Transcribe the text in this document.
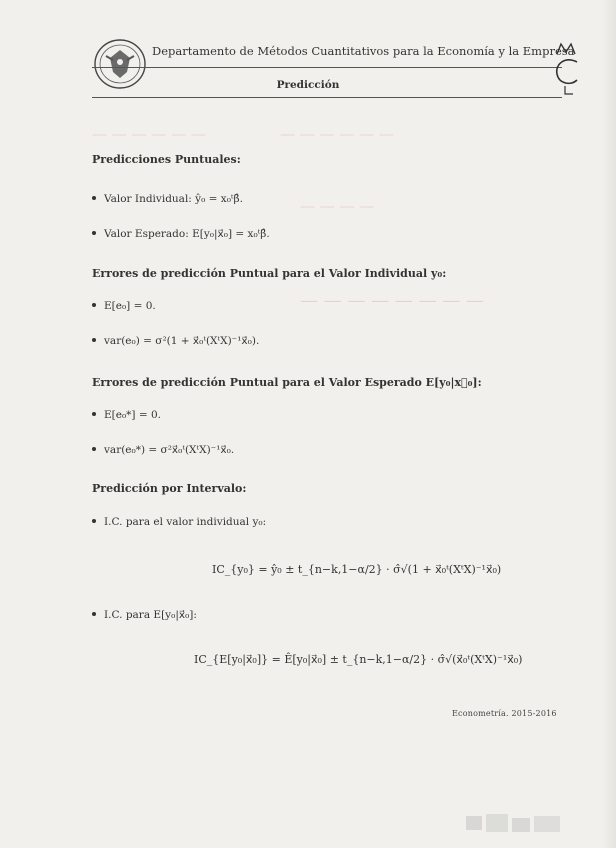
— — — — — —	— — — — — —
— — — —
— — — — — — — —
Departamento de Métodos Cuantitativos para la Economía y la Empresa
Predicción
Predicciones Puntuales:
Valor Individual: ŷ₀ = x₀ᵗβ̂.
Valor Esperado: E[y₀|x⃗₀] = x₀ᵗβ̂.
Errores de predicción Puntual para el Valor Individual y₀:
E[e₀] = 0.
var(e₀) = σ²(1 + x⃗₀ᵗ(XᵗX)⁻¹x⃗₀).
Errores de predicción Puntual para el Valor Esperado E[y₀|x⃗₀]:
E[e₀*] = 0.
var(e₀*) = σ²x⃗₀ᵗ(XᵗX)⁻¹x⃗₀.
Predicción por Intervalo:
I.C. para el valor individual y₀:
IC_{y₀} = ŷ₀ ± t_{n−k,1−α/2} · σ̂√(1 + x⃗₀ᵗ(XᵗX)⁻¹x⃗₀)
I.C. para E[y₀|x⃗₀]:
IC_{E[y₀|x⃗₀]} = Ê[y₀|x⃗₀] ± t_{n−k,1−α/2} · σ̂√(x⃗₀ᵗ(XᵗX)⁻¹x⃗₀)
Econometría. 2015-2016
